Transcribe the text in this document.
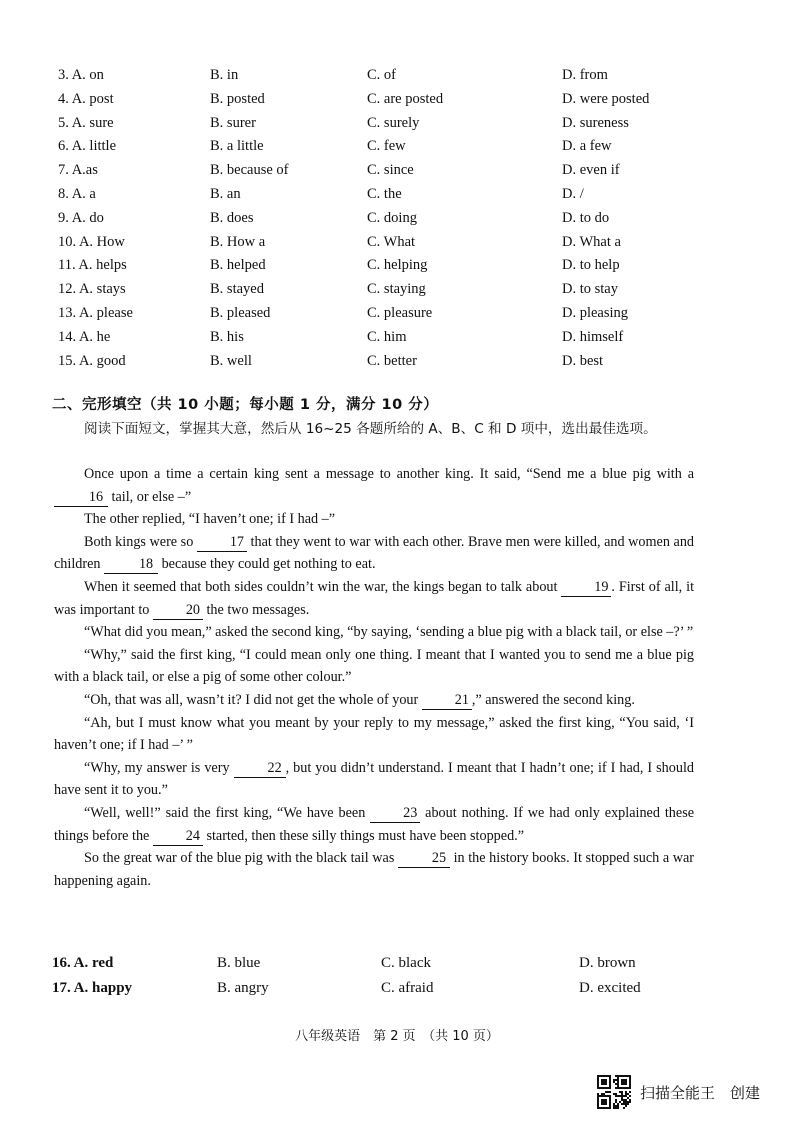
3. A. on	B. in	C. of	D. from
4. A. post	B. posted	C. are posted	D. were posted
5. A. sure	B. surer	C. surely	D. sureness
6. A. little	B. a little	C. few	D. a few
7. A.as	B. because of	C. since	D. even if
8. A. a	B. an	C. the	D. /
9. A. do	B. does	C. doing	D. to do
10. A. How	B. How a	C. What	D. What a
11. A. helps	B. helped	C. helping	D. to help
12. A. stays	B. stayed	C. staying	D. to stay
13. A. please	B. pleased	C. pleasure	D. pleasing
14. A. he	B. his	C. him	D. himself
15. A. good	B. well	C. better	D. best
二、完形填空（共 10 小题；每小题 1 分，满分 10 分）
阅读下面短文，掌握其大意，然后从 16~25 各题所给的 A、B、C 和 D 项中，选出最佳选项。

Once upon a time a certain king sent a message to another king. It said, “Send me a blue pig with a 16 tail, or else –”

The other replied, “I haven’t one; if I had –”

Both kings were so	17 that they went to war with each other. Brave men were killed, and women and children	18 because they could get nothing to eat.

When it seemed that both sides couldn’t win the war, the kings began to talk about	19 . First of all, it was important to	20 the two messages.

“What did you mean,” asked the second king, “by saying, ‘sending a blue pig with a black tail, or else –?’ ”

“Why,” said the first king, “I could mean only one thing. I meant that I wanted you to send me a blue pig with a black tail, or else a pig of some other colour.”

“Oh, that was all, wasn’t it? I did not get the whole of your	21 ,” answered the second king.

“Ah, but I must know what you meant by your reply to my message,” asked the first king, “You said, ‘I haven’t one; if I had –’ ”

“Why, my answer is very	22 , but you didn’t understand. I meant that I hadn’t one; if I had, I should have sent it to you.”

“Well, well!” said the first king, “We have been	23 about nothing. If we had only explained these things before the	24 started, then these silly things must have been stopped.”

So the great war of the blue pig with the black tail was	25 in the history books. It stopped such a war happening again.

16. A. red	B. blue	C. black	D. brown
17. A. happy	B. angry	C. afraid	D. excited
八年级英语　第 2 页　（共 10 页）
扫描全能王　创建
